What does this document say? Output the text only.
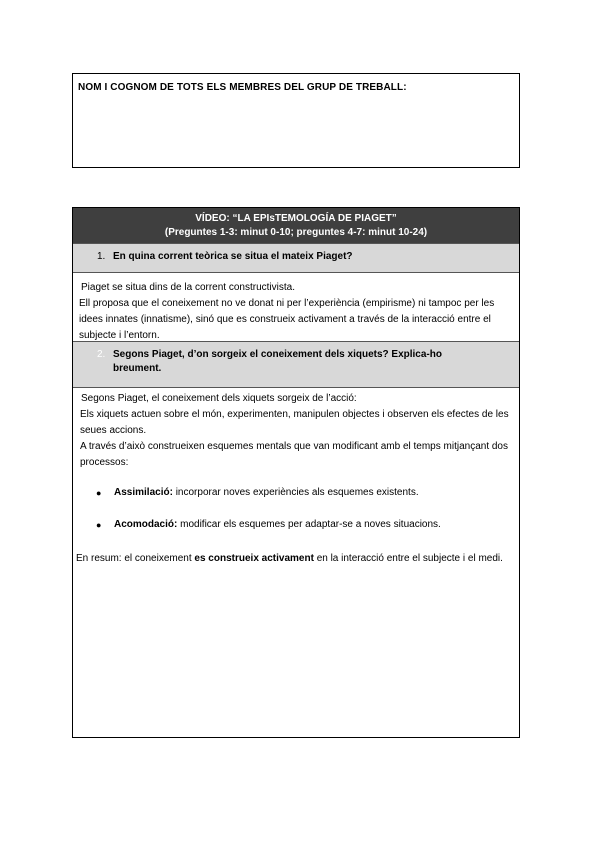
NOM I COGNOM DE TOTS ELS MEMBRES DEL GRUP DE TREBALL:
VÍDEO: “LA EPIsTEMOLOGÍA DE PIAGET”
(Preguntes 1-3: minut 0-10; preguntes 4-7: minut 10-24)
1. En quina corrent teòrica se situa el mateix Piaget?
Piaget se situa dins de la corrent constructivista.
Ell proposa que el coneixement no ve donat ni per l’experiència (empirisme) ni tampoc per les idees innates (innatisme), sinó que es construeix activament a través de la interacció entre el subjecte i l’entorn.
2. Segons Piaget, d’on sorgeix el coneixement dels xiquets? Explica-ho breument.

Segons Piaget, el coneixement dels xiquets sorgeix de l’acció:

Els xiquets actuen sobre el món, experimenten, manipulen objectes i observen els efectes de les seues accions.

A través d’això construeixen esquemes mentals que van modificant amb el temps mitjançant dos processos:

● Assimilació: incorporar noves experiències als esquemes existents.
● Acomodació: modificar els esquemes per adaptar-se a noves situacions.

En resum: el coneixement es construeix activament en la interacció entre el subjecte i el medi.
